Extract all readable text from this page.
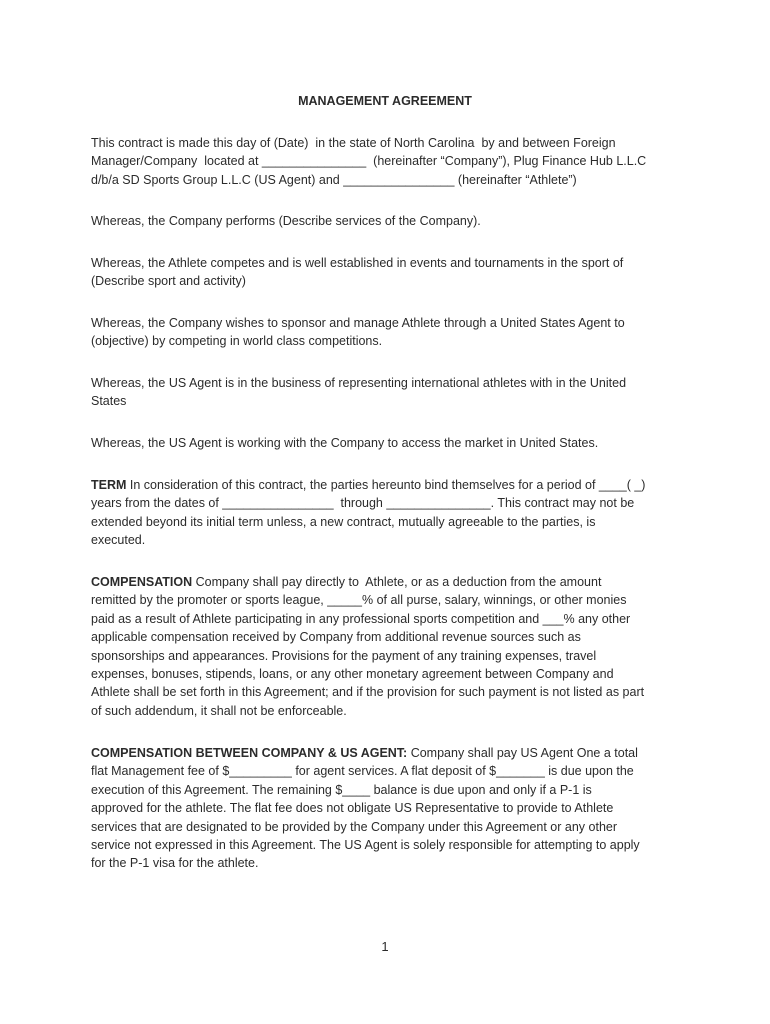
MANAGEMENT AGREEMENT
This contract is made this day of (Date)  in the state of North Carolina  by and between Foreign
Manager/Company  located at _______________  (hereinafter “Company”), Plug Finance Hub L.L.C
d/b/a SD Sports Group L.L.C (US Agent) and ________________ (hereinafter “Athlete”)
Whereas, the Company performs (Describe services of the Company).
Whereas, the Athlete competes and is well established in events and tournaments in the sport of
(Describe sport and activity)
Whereas, the Company wishes to sponsor and manage Athlete through a United States Agent to
(objective) by competing in world class competitions.
Whereas, the US Agent is in the business of representing international athletes with in the United
States
Whereas, the US Agent is working with the Company to access the market in United States.
TERM In consideration of this contract, the parties hereunto bind themselves for a period of ____( _)
years from the dates of ________________  through _______________. This contract may not be
extended beyond its initial term unless, a new contract, mutually agreeable to the parties, is
executed.
COMPENSATION Company shall pay directly to  Athlete, or as a deduction from the amount
remitted by the promoter or sports league, _____% of all purse, salary, winnings, or other monies
paid as a result of Athlete participating in any professional sports competition and ___% any other
applicable compensation received by Company from additional revenue sources such as
sponsorships and appearances. Provisions for the payment of any training expenses, travel
expenses, bonuses, stipends, loans, or any other monetary agreement between Company and
Athlete shall be set forth in this Agreement; and if the provision for such payment is not listed as part
of such addendum, it shall not be enforceable.
COMPENSATION BETWEEN COMPANY & US AGENT: Company shall pay US Agent One a total
flat Management fee of $_________ for agent services. A flat deposit of $_______ is due upon the
execution of this Agreement. The remaining $____ balance is due upon and only if a P-1 is
approved for the athlete. The flat fee does not obligate US Representative to provide to Athlete
services that are designated to be provided by the Company under this Agreement or any other
service not expressed in this Agreement. The US Agent is solely responsible for attempting to apply
for the P-1 visa for the athlete.
1
